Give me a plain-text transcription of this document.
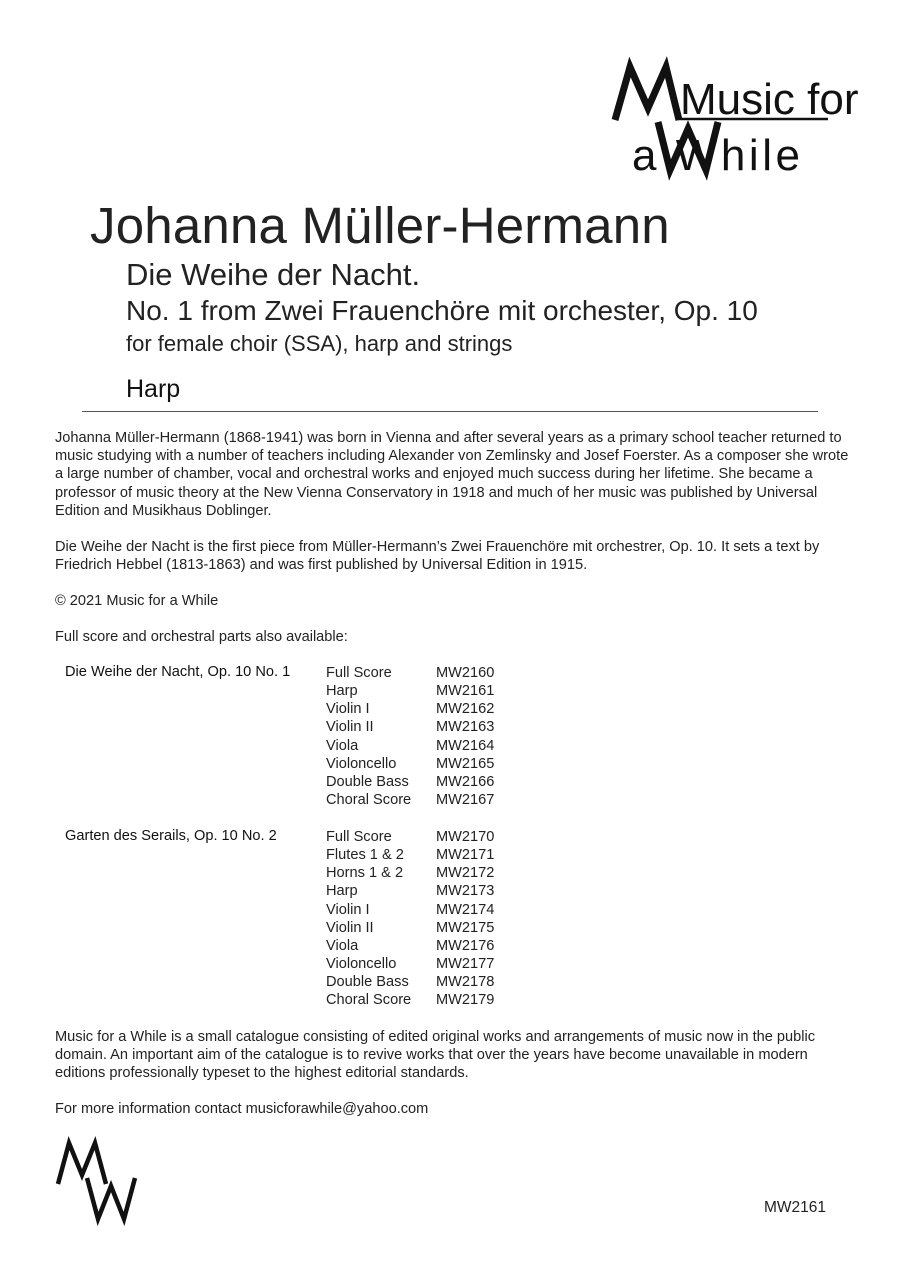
Music for
a While
Johanna Müller-Hermann
Die Weihe der Nacht.
No. 1 from Zwei Frauenchöre mit orchester, Op. 10
for female choir (SSA), harp and strings
Harp
Johanna Müller-Hermann (1868-1941) was born in Vienna and after several years as a primary school teacher returned to music studying with a number of teachers including Alexander von Zemlinsky and Josef Foerster. As a composer she wrote a large number of chamber, vocal and orchestral works and enjoyed much success during her lifetime. She became a professor of music theory at the New Vienna Conservatory in 1918 and much of her music was published by Universal Edition and Musikhaus Doblinger.
Die Weihe der Nacht is the first piece from Müller-Hermann’s Zwei Frauenchöre mit orchestrer, Op. 10. It sets a text by Friedrich Hebbel (1813-1863) and was first published by Universal Edition in 1915.
© 2021 Music for a While
Full score and orchestral parts also available:
Die Weihe der Nacht, Op. 10 No. 1 Full Score
Harp
Violin I
Violin II
Viola
Violoncello
Double Bass
Choral Score
MW2160
MW2161
MW2162
MW2163
MW2164
MW2165
MW2166
MW2167
Garten des Serails, Op. 10 No. 2	Full Score
Flutes 1 & 2
Horns 1 & 2
Harp
Violin I
Violin II
Viola
Violoncello
Double Bass
Choral Score
MW2170
MW2171
MW2172
MW2173
MW2174
MW2175
MW2176
MW2177
MW2178
MW2179
Music for a While is a small catalogue consisting of edited original works and arrangements of music now in the public domain. An important aim of the catalogue is to revive works that over the years have become unavailable in modern editions professionally typeset to the highest editorial standards.
For more information contact musicforawhile@yahoo.com
MW2161
